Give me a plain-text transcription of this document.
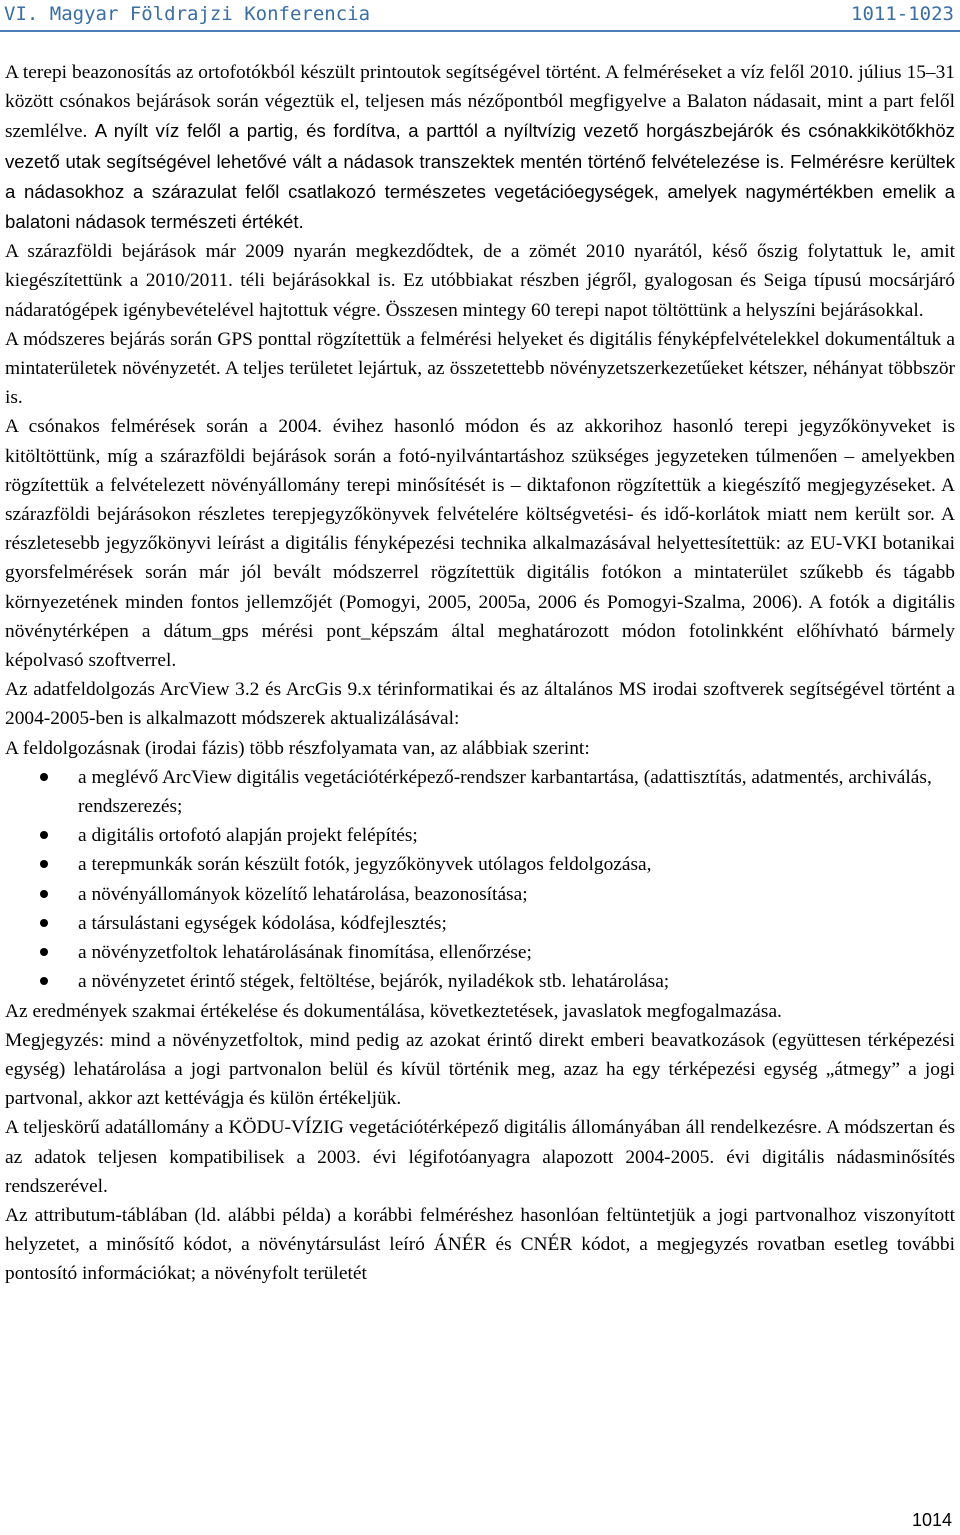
VI. Magyar Földrajzi Konferencia	1011-1023

A terepi beazonosítás az ortofotókból készült printoutok segítségével történt. A felméréseket a víz felől 2010. július 15–31 között csónakos bejárások során végeztük el, teljesen más nézőpontból megfigyelve a Balaton nádasait, mint a part felől szemlélve. A nyílt víz felől a partig, és fordítva, a parttól a nyíltvízig vezető horgászbejárók és csónakkikötőkhöz vezető utak segítségével lehetővé vált a nádasok transzektek mentén történő felvételezése is. Felmérésre kerültek a nádasokhoz a szárazulat felől csatlakozó természetes vegetációegységek, amelyek nagymértékben emelik a balatoni nádasok természeti értékét.

A szárazföldi bejárások már 2009 nyarán megkezdődtek, de a zömét 2010 nyarától, késő őszig folytattuk le, amit kiegészítettünk a 2010/2011. téli bejárásokkal is. Ez utóbbiakat részben jégről, gyalogosan és Seiga típusú mocsárjáró nádaratógépek igénybevételével hajtottuk végre. Összesen mintegy 60 terepi napot töltöttünk a helyszíni bejárásokkal.

A módszeres bejárás során GPS ponttal rögzítettük a felmérési helyeket és digitális fényképfelvételekkel dokumentáltuk a mintaterületek növényzetét. A teljes területet lejártuk, az összetettebb növényzetszerkezetűeket kétszer, néhányat többször is.

A csónakos felmérések során a 2004. évihez hasonló módon és az akkorihoz hasonló terepi jegyzőkönyveket is kitöltöttünk, míg a szárazföldi bejárások során a fotó-nyilvántartáshoz szükséges jegyzeteken túlmenően – amelyekben rögzítettük a felvételezett növényállomány terepi minősítését is – diktafonon rögzítettük a kiegészítő megjegyzéseket. A szárazföldi bejárásokon részletes terepjegyzőkönyvek felvételére költségvetési- és idő-korlátok miatt nem került sor. A részletesebb jegyzőkönyvi leírást a digitális fényképezési technika alkalmazásával helyettesítettük: az EU-VKI botanikai gyorsfelmérések során már jól bevált módszerrel rögzítettük digitális fotókon a mintaterület szűkebb és tágabb környezetének minden fontos jellemzőjét (Pomogyi, 2005, 2005a, 2006 és Pomogyi-Szalma, 2006). A fotók a digitális növénytérképen a dátum_gps mérési pont_képszám által meghatározott módon fotolinkként előhívható bármely képolvasó szoftverrel.

Az adatfeldolgozás ArcView 3.2 és ArcGis 9.x térinformatikai és az általános MS irodai szoftverek segítségével történt a 2004-2005-ben is alkalmazott módszerek aktualizálásával:

A feldolgozásnak (irodai fázis) több részfolyamata van, az alábbiak szerint:

a meglévő ArcView digitális vegetációtérképező-rendszer karbantartása, (adattisztítás, adatmentés, archiválás, rendszerezés;
a digitális ortofotó alapján projekt felépítés;
a terepmunkák során készült fotók, jegyzőkönyvek utólagos feldolgozása,
a növényállományok közelítő lehatárolása, beazonosítása;
a társulástani egységek kódolása, kódfejlesztés;
a növényzetfoltok lehatárolásának finomítása, ellenőrzése;
a növényzetet érintő stégek, feltöltése, bejárók, nyiladékok stb. lehatárolása;

Az eredmények szakmai értékelése és dokumentálása, következtetések, javaslatok megfogalmazása.

Megjegyzés: mind a növényzetfoltok, mind pedig az azokat érintő direkt emberi beavatkozások (együttesen térképezési egység) lehatárolása a jogi partvonalon belül és kívül történik meg, azaz ha egy térképezési egység „átmegy” a jogi partvonal, akkor azt kettévágja és külön értékeljük.

A teljeskörű adatállomány a KÖDU-VÍZIG vegetációtérképező digitális állományában áll rendelkezésre. A módszertan és az adatok teljesen kompatibilisek a 2003. évi légifotóanyagra alapozott 2004-2005. évi digitális nádasminősítés rendszerével.

Az attributum-táblában (ld. alábbi példa) a korábbi felméréshez hasonlóan feltüntetjük a jogi partvonalhoz viszonyított helyzetet, a minősítő kódot, a növénytársulást leíró ÁNÉR és CNÉR kódot, a megjegyzés rovatban esetleg további pontosító információkat; a növényfolt területét

1014
